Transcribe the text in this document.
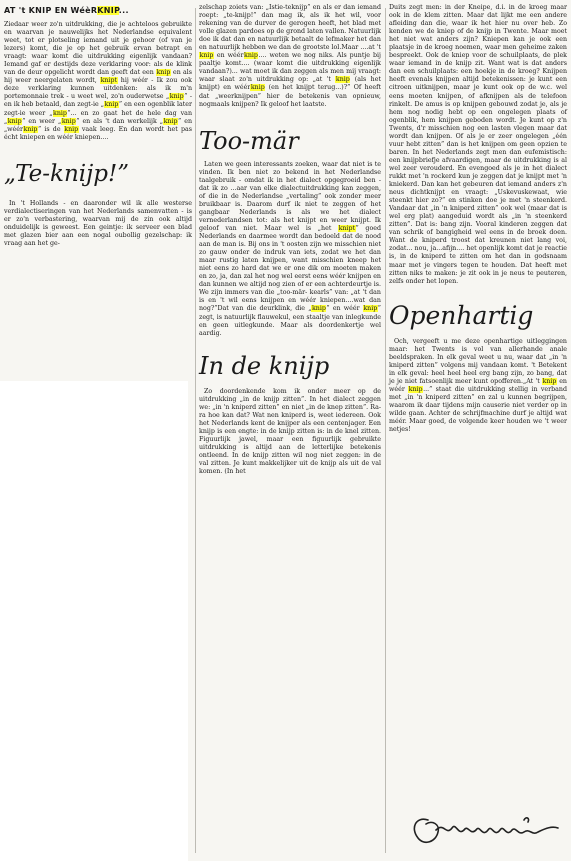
AT 't KNIP EN WéèRKNIP...

Ziedaar weer zo'n uitdrukking, die je achteloos gebruikte en waarvan je nauwelijks het Nederlandse equivalent weet, tot er plotseling iemand uit je gehoor (of van je lezers) komt, die je op het gebruik ervan betrapt en vraagt: waar komt die uitdrukking eigenlijk vandaan? Iemand gaf er destijds deze verklaring voor: als de klink van de deur opgelicht wordt dan geeft dat een knip en als hij weer neergelaten wordt, knipt hij wéér - Ik zou ook deze verklaring kunnen uitdenken: als ik m'n portemonnaie trek - u weet wel, zo'n ouderwetse „knip” - en ik heb betaald, dan zegt-ie „knip” en een ogenblik later zegt-ie weer „knip”... en zo gaat het de hele dag van „knip” en weer „knip” en als 't dan werkelijk „knip” en „wéérknip” is de knip vaak leeg. En dan wordt het pas écht kniepen en wéér kniepen....

„Te-knijp!”

In 't Hollands - en daaronder wil ik alle westerse verdialectiseringen van het Nederlands samenvatten - is er zo'n verbastering, waarvan mij de zin ook altijd onduidelijk is geweest. Een geintje: ik serveer een blad met glazen bier aan een nogal oubollig gezelschap: ik vraag aan het ge-

zelschap zoiets van: „Istie-teknijp” en als er dan iemand roept: „te-knijp!” dan mag ik, als ik het wil, voor rekening van de durver de gerogen heeft, het blad met volle glazen pardoes op de grond laten vallen. Natuurlijk doe ik dat dan en natuurlijk betaalt de lefmaker het dan en natuurlijk hebben we dan de grootste lol.Maar ....at 't knip en wéérknip.... weten we nog niks. Als puntje bij paaltje komt.... (waar komt die uitdrukking eigenlijk vandaan?)... wat moet ik dan zeggen als men mij vraagt: waar slaat zo'n uitdrukking op: „at 't knip (als het knijpt) en wéérknip (en het knijpt terug...)?” Of heeft dat „weerknijpen” hier de betekenis van opnieuw, nogmaals knijpen? Ik geloof het laatste.

Too-mär

Laten we geen interessants zoeken, waar dat niet is te vinden. Ik ben niet zo bekend in het Nederlandse taalgebruik - omdat ik in het dialect opgegroeid ben - dat ik zo ...aar van elke dialectuitdrukking kan zeggen, of die in de Nederlandse „vertaling” ook zonder meer bruikbaar is. Daarom durf ik niet te zeggen of het gangbaar Nederlands is als we het dialect vernederlandsen tot: als het knijpt en weer knijpt. Ik geloof van niet. Maar wel is „het knipt” goed Nederlands en daarmee wordt dan bedoeld dat de nood aan de man is. Bij ons in 't oosten zijn we misschien niet zo gauw onder de indruk van iets, zodat we het dan maar rustig laten knijpen, want misschien kneep het niet eens zo hard dat we er one dik om moeten maken en zo, ja, dan zal het nog wel eerst eens wéér knijpen en dan kunnen we altijd nog zien of er een achterdeurtje is. We zijn immers van die „too-mär- kearls” van: „at 't dan is en 't wil eens knijpen en wéér kniepen....wat dan nog?”Dat van die deurklink, die „knip” en wéér knip” zegt, is natuurlijk flauwekul, een staaltje van inlegkunde en geen uitlegkunde. Maar als doordenkertje wel aardig.

In de knijp

Zo doordenkende kom ik onder meer op de uitdrukking „in de knijp zitten”. In het dialect zeggen we: „in 'n kniperd zitten” en niet „in de knep zitten”. Ra-ra hoe kan dat? Wat nen kniperd is, weet iedereen. Ook het Nederlands kent de knijper als een centenjager. Een knijp is een engte: in de knijp zitten is: in de knel zitten. Figuurlijk jawel, maar een figuurlijk gebruikte uitdrukking is altijd aan de letterlijke betekenis ontleend. In de knijp zitten wil nog niet zeggen: in de val zitten. Je kunt makkelijker uit de knijp als uit de val komen. (In het

Duits zegt men: in der Kneipe, d.i. in de kroeg maar ook in de klem zitten. Maar dat lijkt me een andere afleiding dan die, waar ik het hier nu over heb. Zo kenden we de kniep of de knijp in Twente. Maar moet het niet wat anders zijn? Kniepen kan je ook een plaatsje in de kroeg noemen, waar men geheime zaken bespreekt. Ook de kniep voor de schuilplaats, de plek waar iemand in de knijp zit. Want wat is dat anders dan een schuilplaats: een hoekje in de kroeg? Knijpen heeft evenals knijpen altijd betekenissen: je kunt een citroen uitknijpen, maar je kunt ook op de w.c. wel eens moeten knijpen, of afknijpen als de telefoon rinkelt. De amus is op knijpen gebouwd zodat je, als je hem nog nodig hebt op een ongelegen plaats of ogenblik, hem knijpen geboden wordt. Je kunt op z'n Twents, d'r misschien nog een lasten vlegen maar dat wordt dan knijpen. Of als je er zeer ongelegen „één vuur hebt zitten” dan is het knijpen om geen opzien te baren. In het Nederlands zegt men dan eufemistisch: een knijpbriefje afvaardigen, maar de uitdrukking is al wel zeer verouderd. En evengoed als je in het dialect rukkt met 'n rockerd kun je zeggen dat je knijpt met 'n kniekerd. Dan kan het gebeuren dat iemand anders z'n neus dichtknijpt en vraagt: „Uskevuskewaat, wie steenkt hier zo?” en stinken doe je met 'n steenkerd. Vandaar dat „in 'n kniperd zitten” ook wel (maar dat is wel erg plat) aangeduid wordt als „in 'n steenkerd zitten”. Dat is: bang zijn. Vooral kinderen zeggen dat van schrik of bangigheid wel eens in de broek doen. Want de kniperd troost dat kreunen niet lang voi, zodat... nou, ja...afijn.... het openlijk komt dat je reactie is, in de kniperd te zitten om het dan in godsnaam maar met je vingers tegen te houden. Dat heeft met zitten niks te maken: je zit ook in je neus te peuteren, zelfs onder het lopen.

Openhartig

Och, vergeeft u me deze openhartige uitleggingen maar: het Twents is vol van allerhande anale beeldspraken. In elk geval weet u nu, waar dat „in 'n kniperd zitten” volgens mij vandaan komt. 't Betekent in elk geval: heel heel heel erg bang zijn, zo bang, dat je je niet fatsoenlijk meer kunt opofferen.„At 't knip en wéér knip...” staat die uitdrukking stellig in verband met „in 'n kniperd zitten” en zal u kunnen begrijpen, waarom ik daar tijdens mijn causerie niet verder op in wilde gaan. Achter de schrijfmachine durf je altijd wat méér. Maar goed, de volgende keer houden we 't weer netjes!
